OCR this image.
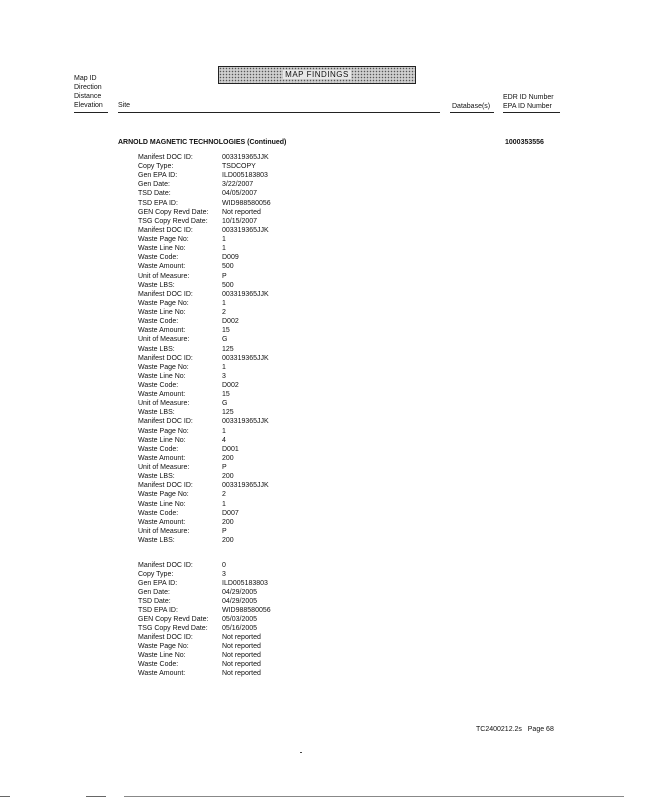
Map ID
Direction
Distance
Elevation
MAP FINDINGS
Site	Database(s)
EDR ID Number
EPA ID Number
ARNOLD MAGNETIC TECHNOLOGIES (Continued)	1000353556
Manifest DOC ID:	003319365JJK
Copy Type:	TSDCOPY
Gen EPA ID:	ILD005183803
Gen Date:	3/22/2007
TSD Date:	04/05/2007
TSD EPA ID:	WID988580056
GEN Copy Revd Date: Not reported
TSG Copy Revd Date: 10/15/2007
Manifest DOC ID:	003319365JJK
Waste Page No:	1
Waste Line No:	1
Waste Code:	D009
Waste Amount:	500
Unit of Measure:	P
Waste LBS:	500
Manifest DOC ID:	003319365JJK
Waste Page No:	1
Waste Line No:	2
Waste Code:	D002
Waste Amount:	15
Unit of Measure:	G
Waste LBS:	125
Manifest DOC ID:	003319365JJK
Waste Page No:	1
Waste Line No:	3
Waste Code:	D002
Waste Amount:	15
Unit of Measure:	G
Waste LBS:	125
Manifest DOC ID:	003319365JJK
Waste Page No:	1
Waste Line No:	4
Waste Code:	D001
Waste Amount:	200
Unit of Measure:	P
Waste LBS:	200
Manifest DOC ID:	003319365JJK
Waste Page No:	2
Waste Line No:	1
Waste Code:	D007
Waste Amount:	200
Unit of Measure:	P
Waste LBS:	200
Manifest DOC ID:	0
Copy Type:	3
Gen EPA ID:	ILD005183803
Gen Date:	04/29/2005
TSD Date:	04/29/2005
TSD EPA ID:	WID988580056
GEN Copy Revd Date: 05/03/2005
TSG Copy Revd Date: 05/16/2005
Manifest DOC ID:	Not reported
Waste Page No:	Not reported
Waste Line No:	Not reported
Waste Code:	Not reported
Waste Amount:	Not reported
TC2400212.2s Page 68
